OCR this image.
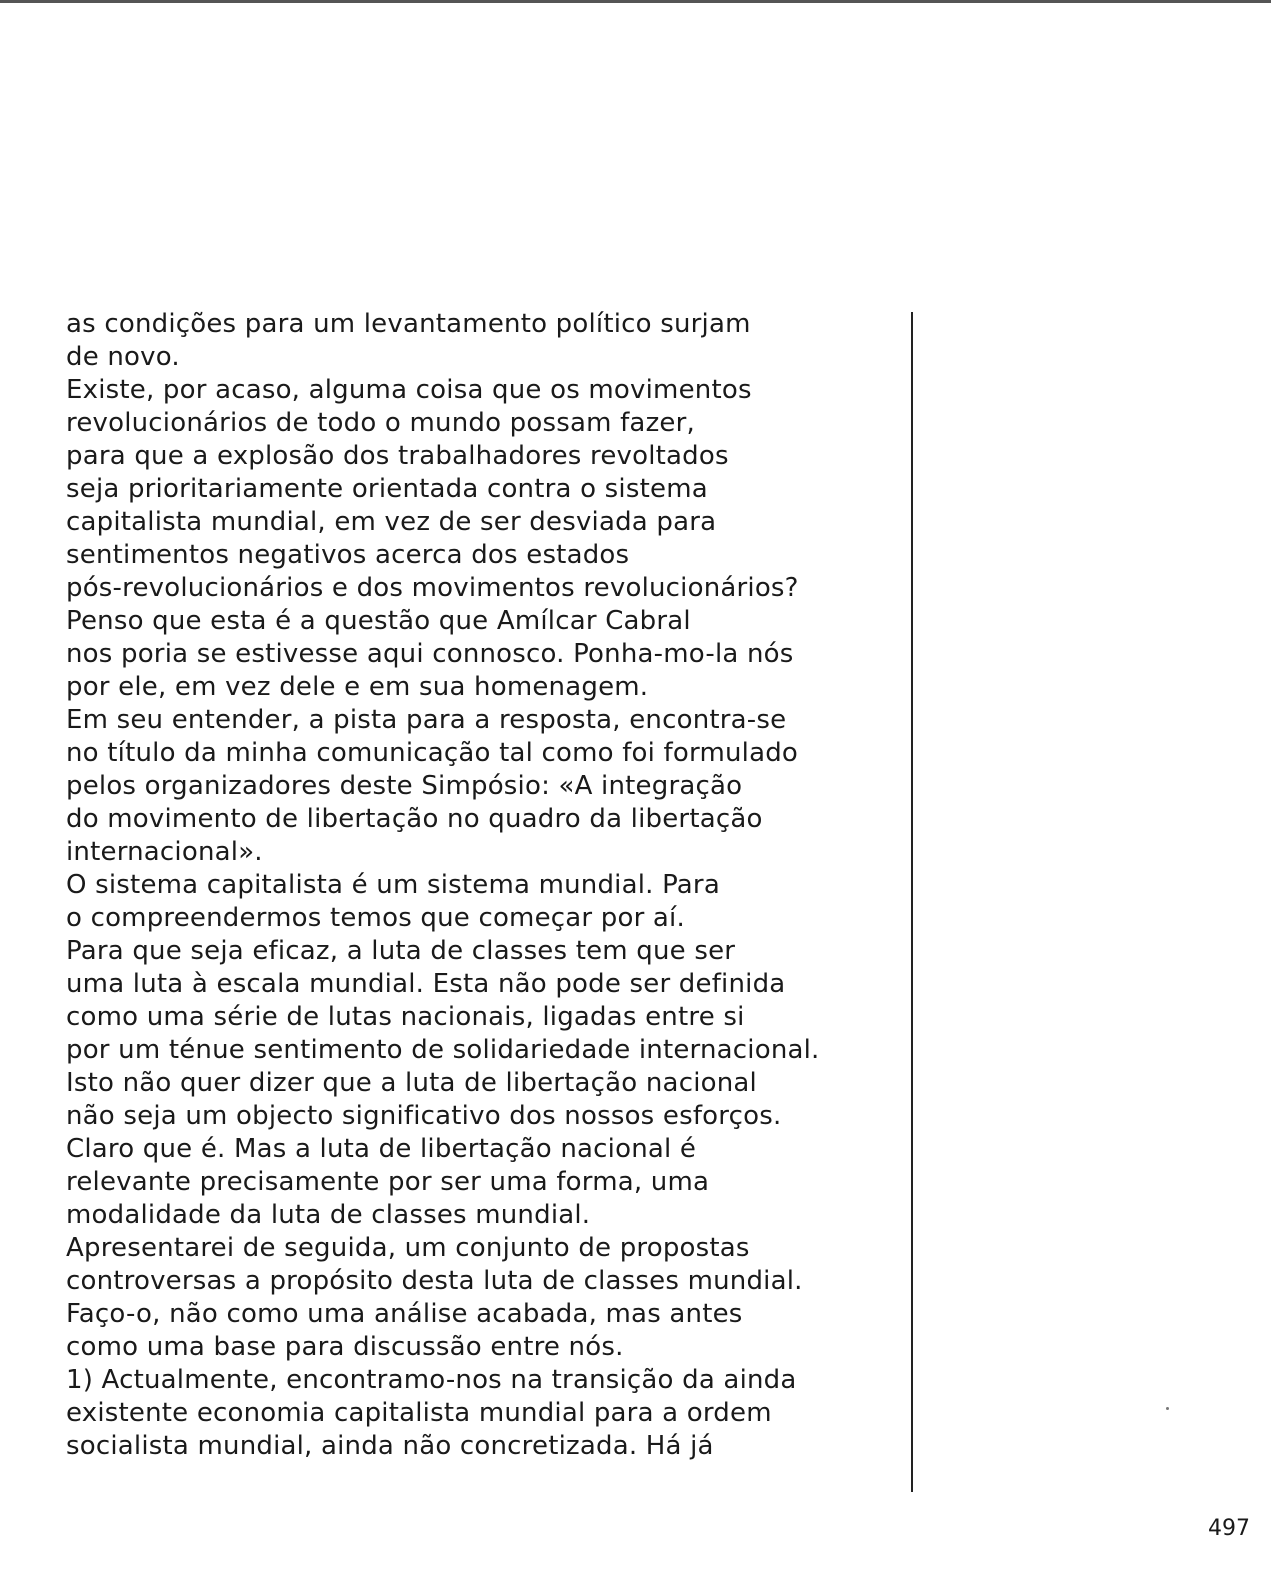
as condições para um levantamento político surjam
de novo.
Existe, por acaso, alguma coisa que os movimentos
revolucionários de todo o mundo possam fazer,
para que a explosão dos trabalhadores revoltados
seja prioritariamente orientada contra o sistema
capitalista mundial, em vez de ser desviada para
sentimentos negativos acerca dos estados
pós-revolucionários e dos movimentos revolucionários?
Penso que esta é a questão que Amílcar Cabral
nos poria se estivesse aqui connosco. Ponha-mo-la nós
por ele, em vez dele e em sua homenagem.
Em seu entender, a pista para a resposta, encontra-se
no título da minha comunicação tal como foi formulado
pelos organizadores deste Simpósio: «A integração
do movimento de libertação no quadro da libertação
internacional».
O sistema capitalista é um sistema mundial. Para
o compreendermos temos que começar por aí.
Para que seja eficaz, a luta de classes tem que ser
uma luta à escala mundial. Esta não pode ser definida
como uma série de lutas nacionais, ligadas entre si
por um ténue sentimento de solidariedade internacional.
Isto não quer dizer que a luta de libertação nacional
não seja um objecto significativo dos nossos esforços.
Claro que é. Mas a luta de libertação nacional é
relevante precisamente por ser uma forma, uma
modalidade da luta de classes mundial.
Apresentarei de seguida, um conjunto de propostas
controversas a propósito desta luta de classes mundial.
Faço-o, não como uma análise acabada, mas antes
como uma base para discussão entre nós.
1) Actualmente, encontramo-nos na transição da ainda
existente economia capitalista mundial para a ordem
socialista mundial, ainda não concretizada. Há já
497
